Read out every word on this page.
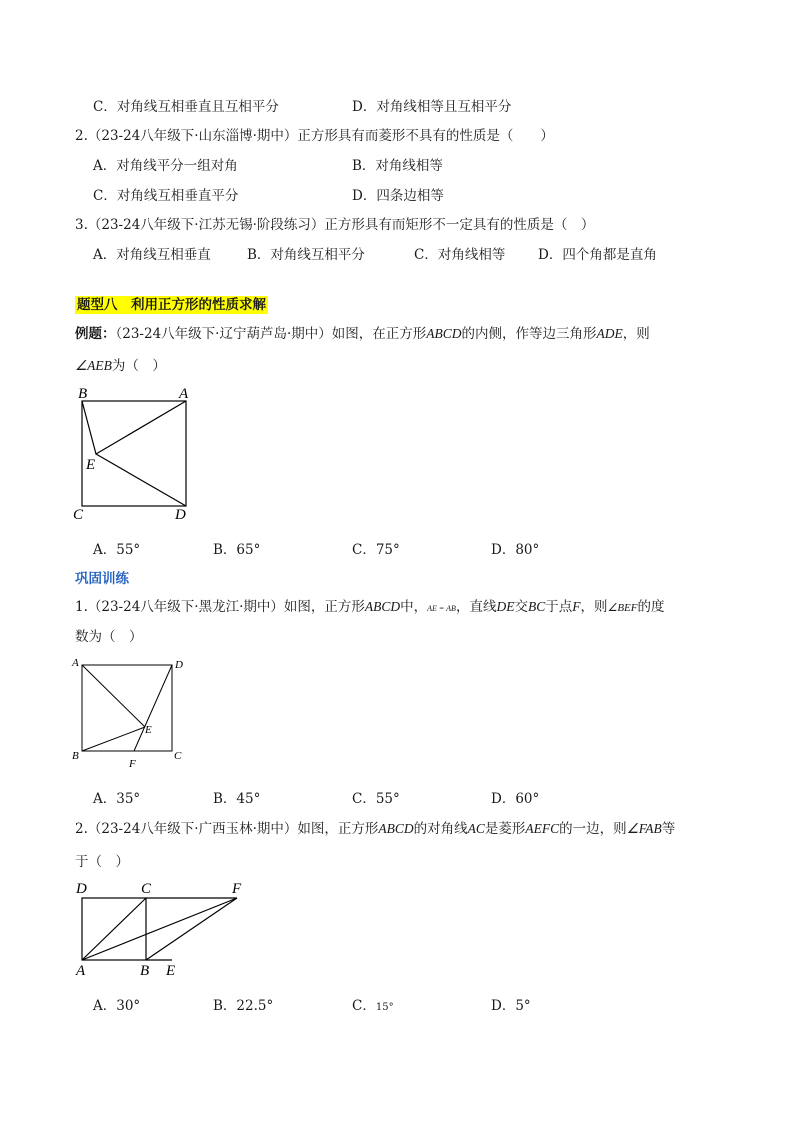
C．对角线互相垂直且互相平分	D．对角线相等且互相平分
2.（23-24八年级下·山东淄博·期中）正方形具有而菱形不具有的性质是（　　）
A．对角线平分一组对角	B．对角线相等
C．对角线互相垂直平分	D．四条边相等
3.（23-24八年级下·江苏无锡·阶段练习）正方形具有而矩形不一定具有的性质是（　）
A．对角线互相垂直	B．对角线互相平分	C．对角线相等 D．四个角都是直角
题型八　利用正方形的性质求解
例题：（23-24八年级下·辽宁葫芦岛·期中）如图，在正方形ABCD的内侧，作等边三角形ADE，则
∠AEB为（　）
B	A
E
C	D
A．55°	B．65°	C．75°	D．80°
巩固训练
1.（23-24八年级下·黑龙江·期中）如图，正方形ABCD中，AE = AB，直线DE交BC于点F，则∠BEF的度
数为（　）
A	D
E
B
F
C
A．35°	B．45°	C．55°	D．60°
2.（23-24八年级下·广西玉林·期中）如图，正方形ABCD的对角线AC是菱形AEFC的一边，则∠FAB等
于（　）
D	C	F
A	B E
A．30°	B．22.5°	C．15°	D．5°
